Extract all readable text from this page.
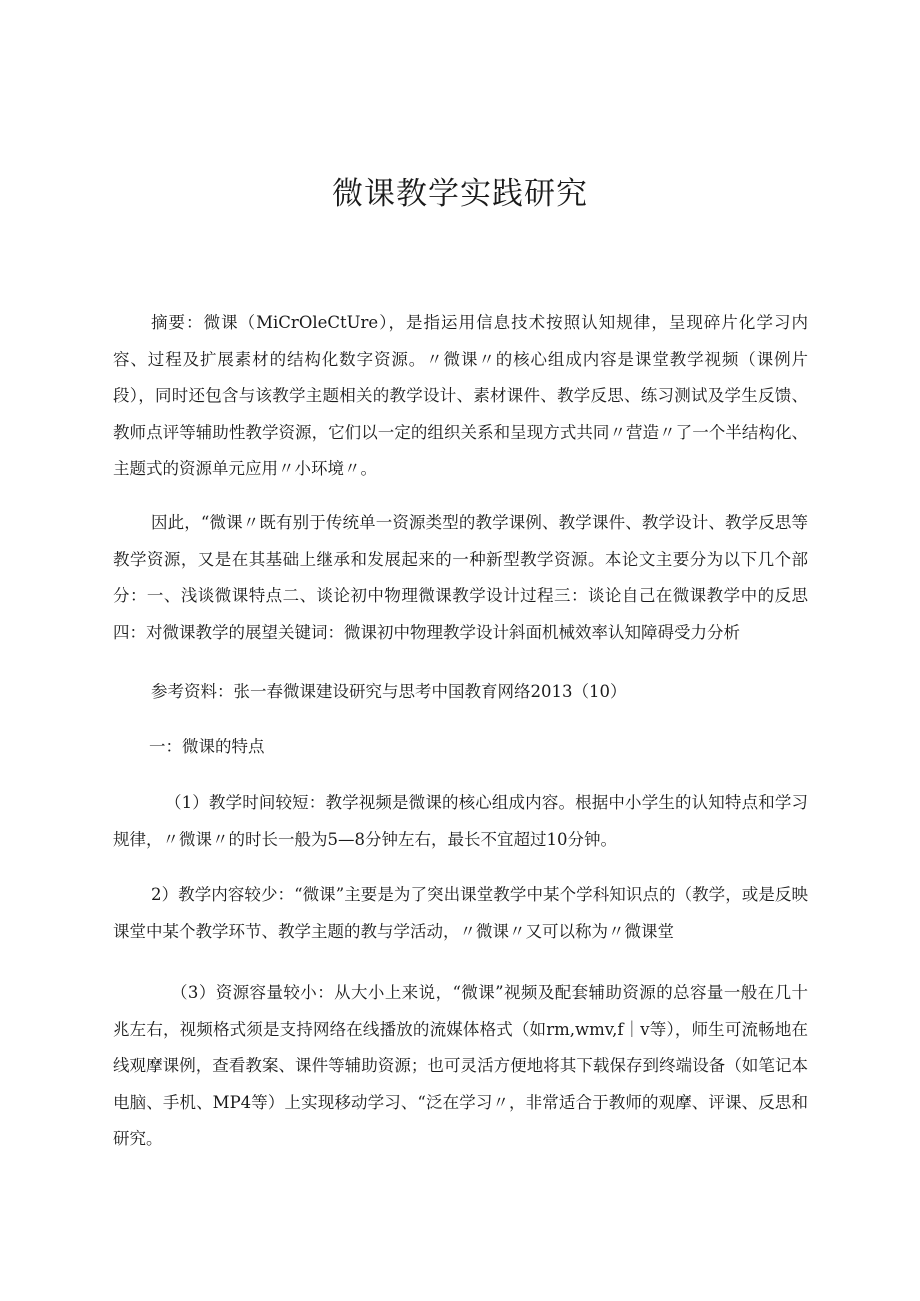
微课教学实践研究

摘要：微课（MiCrOleCtUre），是指运用信息技术按照认知规律，呈现碎片化学习内容、过程及扩展素材的结构化数字资源。〃微课〃的核心组成内容是课堂教学视频（课例片段），同时还包含与该教学主题相关的教学设计、素材课件、教学反思、练习测试及学生反馈、教师点评等辅助性教学资源，它们以一定的组织关系和呈现方式共同〃营造〃了一个半结构化、主题式的资源单元应用〃小环境〃。

因此，“微课〃既有别于传统单一资源类型的教学课例、教学课件、教学设计、教学反思等教学资源，又是在其基础上继承和发展起来的一种新型教学资源。本论文主要分为以下几个部分：一、浅谈微课特点二、谈论初中物理微课教学设计过程三：谈论自己在微课教学中的反思四：对微课教学的展望关键词：微课初中物理教学设计斜面机械效率认知障碍受力分析

参考资料：张一春微课建设研究与思考中国教育网络2013（10）

一：微课的特点

（1）教学时间较短：教学视频是微课的核心组成内容。根据中小学生的认知特点和学习规律，〃微课〃的时长一般为5—8分钟左右，最长不宜超过10分钟。

2）教学内容较少：“微课”主要是为了突出课堂教学中某个学科知识点的（教学，或是反映课堂中某个教学环节、教学主题的教与学活动，〃微课〃又可以称为〃微课堂

（3）资源容量较小：从大小上来说，“微课”视频及配套辅助资源的总容量一般在几十兆左右，视频格式须是支持网络在线播放的流媒体格式（如rm,wmv,f｜v等），师生可流畅地在线观摩课例，查看教案、课件等辅助资源；也可灵活方便地将其下载保存到终端设备（如笔记本电脑、手机、MP4等）上实现移动学习、“泛在学习〃，非常适合于教师的观摩、评课、反思和研究。
